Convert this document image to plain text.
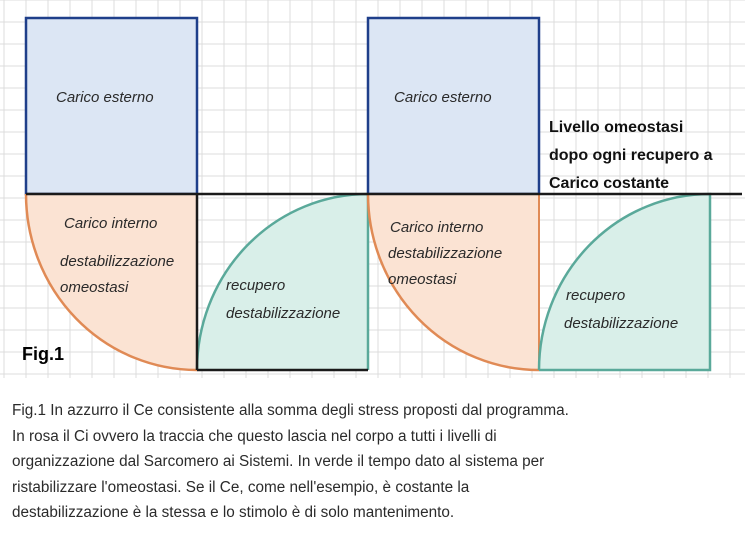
Carico esterno	Carico esterno
Carico interno
destabilizzazione
omeostasi
Carico interno
destabilizzazione
omeostasi
recupero
destabilizzazione
recupero
destabilizzazione
Livello omeostasi
dopo ogni recupero a
Carico costante
Fig.1
Fig.1 In azzurro il Ce consistente alla somma degli stress proposti dal programma.
In rosa il Ci ovvero la traccia che questo lascia nel corpo a tutti i livelli di
organizzazione dal Sarcomero ai Sistemi. In verde il tempo dato al sistema per
ristabilizzare l'omeostasi. Se il Ce, come nell'esempio, è costante la
destabilizzazione è la stessa e lo stimolo è di solo mantenimento.
